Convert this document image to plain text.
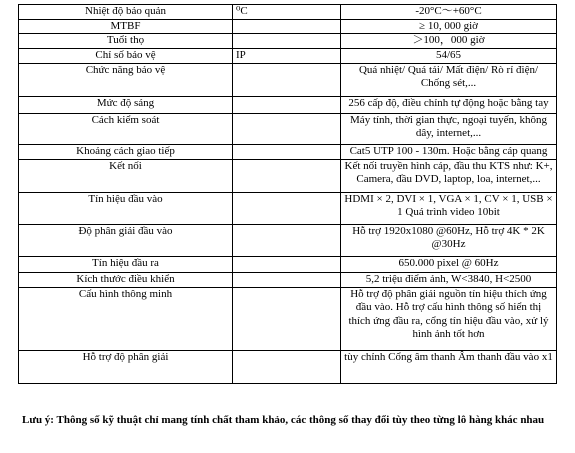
Nhiệt độ bảo quản	⁰C	-20°C～+60°C
MTBF		≥ 10, 000 giờ
Tuổi thọ		＞100，000 giờ
Chỉ số bảo vệ	IP	54/65
Chức năng bảo vệ		Quá nhiệt/ Quá tải/ Mất điện/ Rò rỉ điện/ Chống sét,...
Mức độ sáng		256 cấp độ, điều chỉnh tự động hoặc bằng tay
Cách kiểm soát		Máy tính, thời gian thực, ngoại tuyến, không dây, internet,...
Khoảng cách giao tiếp		Cat5 UTP 100 - 130m. Hoặc bằng cáp quang
Kết nối		Kết nối truyền hình cáp, đầu thu KTS như: K+, Camera, đầu DVD, laptop, loa, internet,...
Tín hiệu đầu vào		HDMI × 2, DVI × 1, VGA × 1, CV × 1, USB × 1 Quá trình video 10bit
Độ phân giải đầu vào		Hỗ trợ 1920x1080 @60Hz, Hỗ trợ 4K * 2K @30Hz
Tín hiệu đầu ra		650.000 pixel @ 60Hz
Kích thước điều khiển		5,2 triệu điểm ảnh, W<3840, H<2500
Cấu hình thông minh		Hỗ trợ độ phân giải nguồn tín hiệu thích ứng đầu vào. Hỗ trợ cấu hình thông số hiển thị thích ứng đầu ra, cổng tín hiệu đầu vào, xử lý hình ảnh tốt hơn
Hỗ trợ độ phân giải		tùy chỉnh Cổng âm thanh Âm thanh đầu vào x1
Lưu ý: Thông số kỹ thuật chỉ mang tính chất tham khảo, các thông số thay đổi tùy theo từng lô hàng khác nhau
